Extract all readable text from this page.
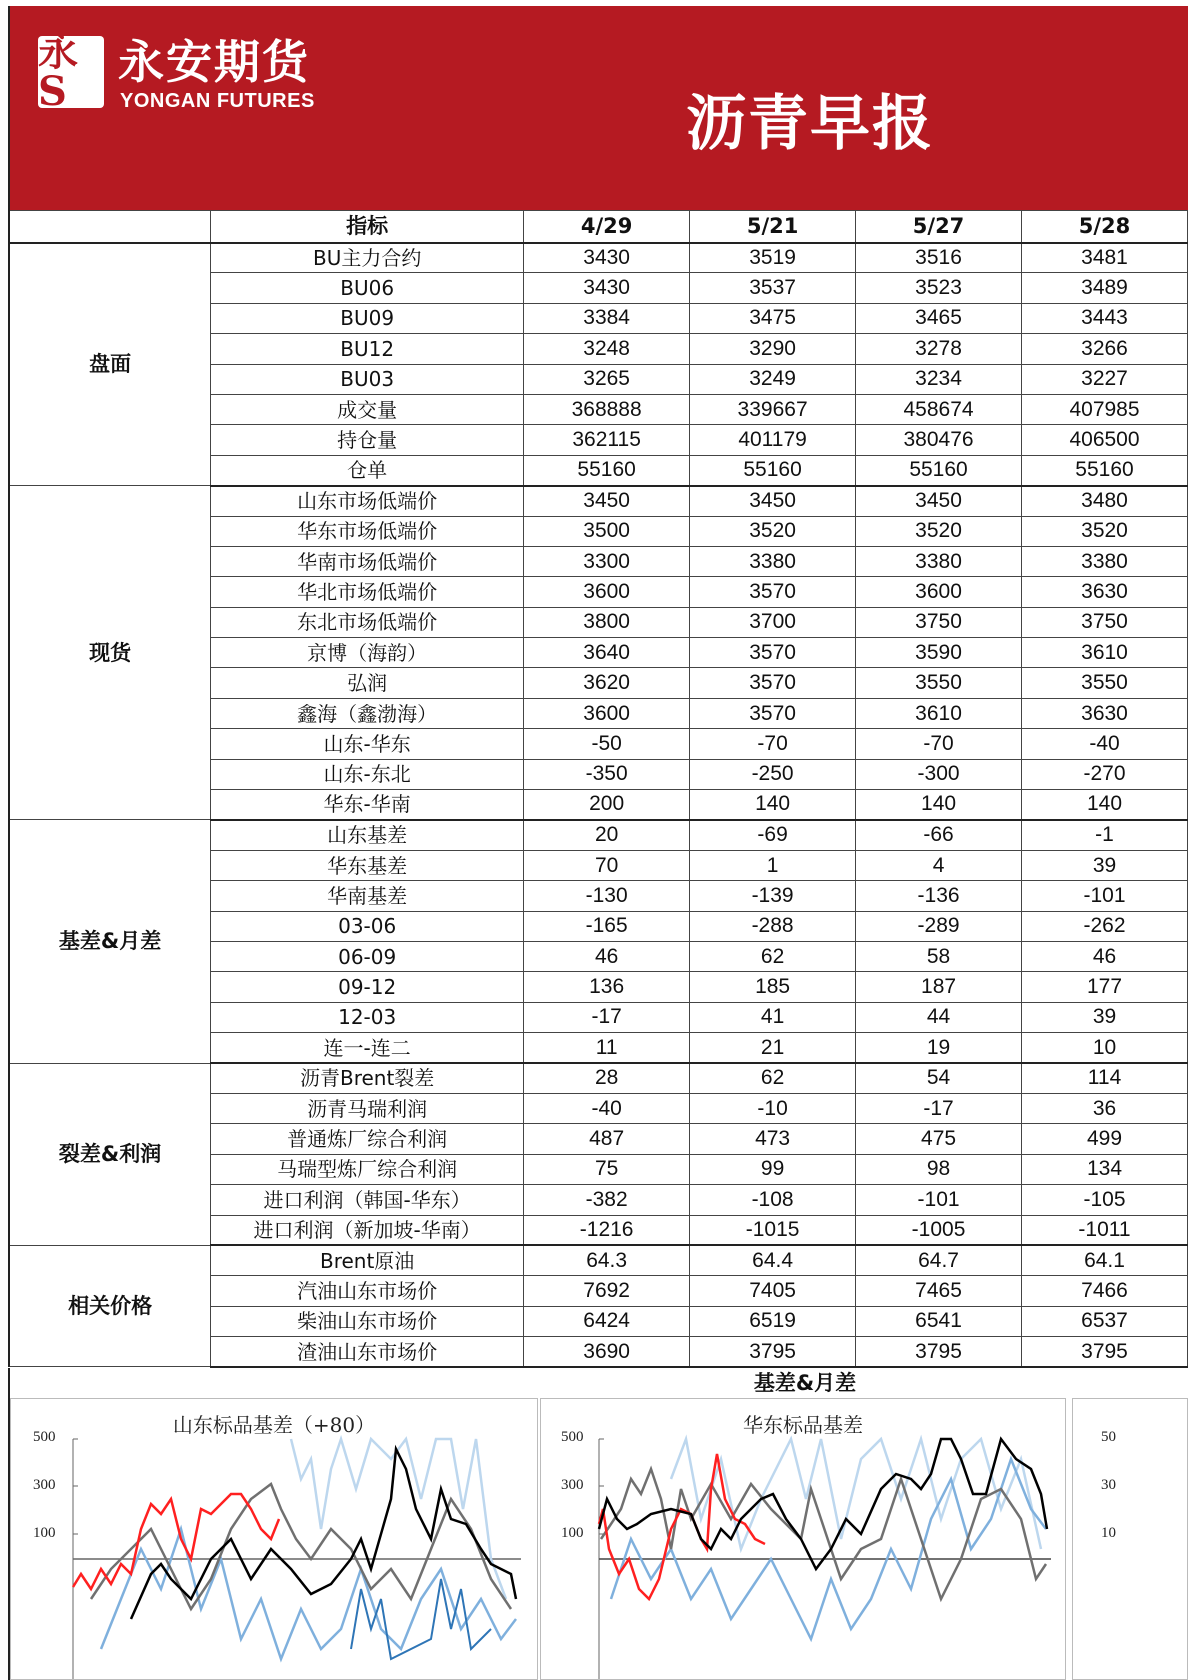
永S
永安期货
YONGAN FUTURES	沥青早报
	指标	4/29	5/21	5/27	5/28
盘面	BU主力合约	3430	3519	3516	3481
	BU06	3430	3537	3523	3489
	BU09	3384	3475	3465	3443
	BU12	3248	3290	3278	3266
	BU03	3265	3249	3234	3227
	成交量	368888	339667	458674	407985
	持仓量	362115	401179	380476	406500
	仓单	55160	55160	55160	55160
现货	山东市场低端价	3450	3450	3450	3480
	华东市场低端价	3500	3520	3520	3520
	华南市场低端价	3300	3380	3380	3380
	华北市场低端价	3600	3570	3600	3630
	东北市场低端价	3800	3700	3750	3750
	京博（海韵）	3640	3570	3590	3610
	弘润	3620	3570	3550	3550
	鑫海（鑫渤海）	3600	3570	3610	3630
	山东-华东	-50	-70	-70	-40
	山东-东北	-350	-250	-300	-270
	华东-华南	200	140	140	140
基差&月差	山东基差	20	-69	-66	-1
	华东基差	70	1	4	39
	华南基差	-130	-139	-136	-101
	03-06	-165	-288	-289	-262
	06-09	46	62	58	46
	09-12	136	185	187	177
	12-03	-17	41	44	39
	连一-连二	11	21	19	10
裂差&利润	沥青Brent裂差	28	62	54	114
	沥青马瑞利润	-40	-10	-17	36
	普通炼厂综合利润	487	473	475	499
	马瑞型炼厂综合利润	75	99	98	134
	进口利润（韩国-华东）	-382	-108	-101	-105
	进口利润（新加坡-华南）	-1216	-1015	-1005	-1011
相关价格	Brent原油	64.3	64.4	64.7	64.1
	汽油山东市场价	7692	7405	7465	7466
	柴油山东市场价	6424	6519	6541	6537
	渣油山东市场价	3690	3795	3795	3795
基差&月差
山东标品基差（+80）
500
300
100
华东标品基差
500
300
100
50
30
10
